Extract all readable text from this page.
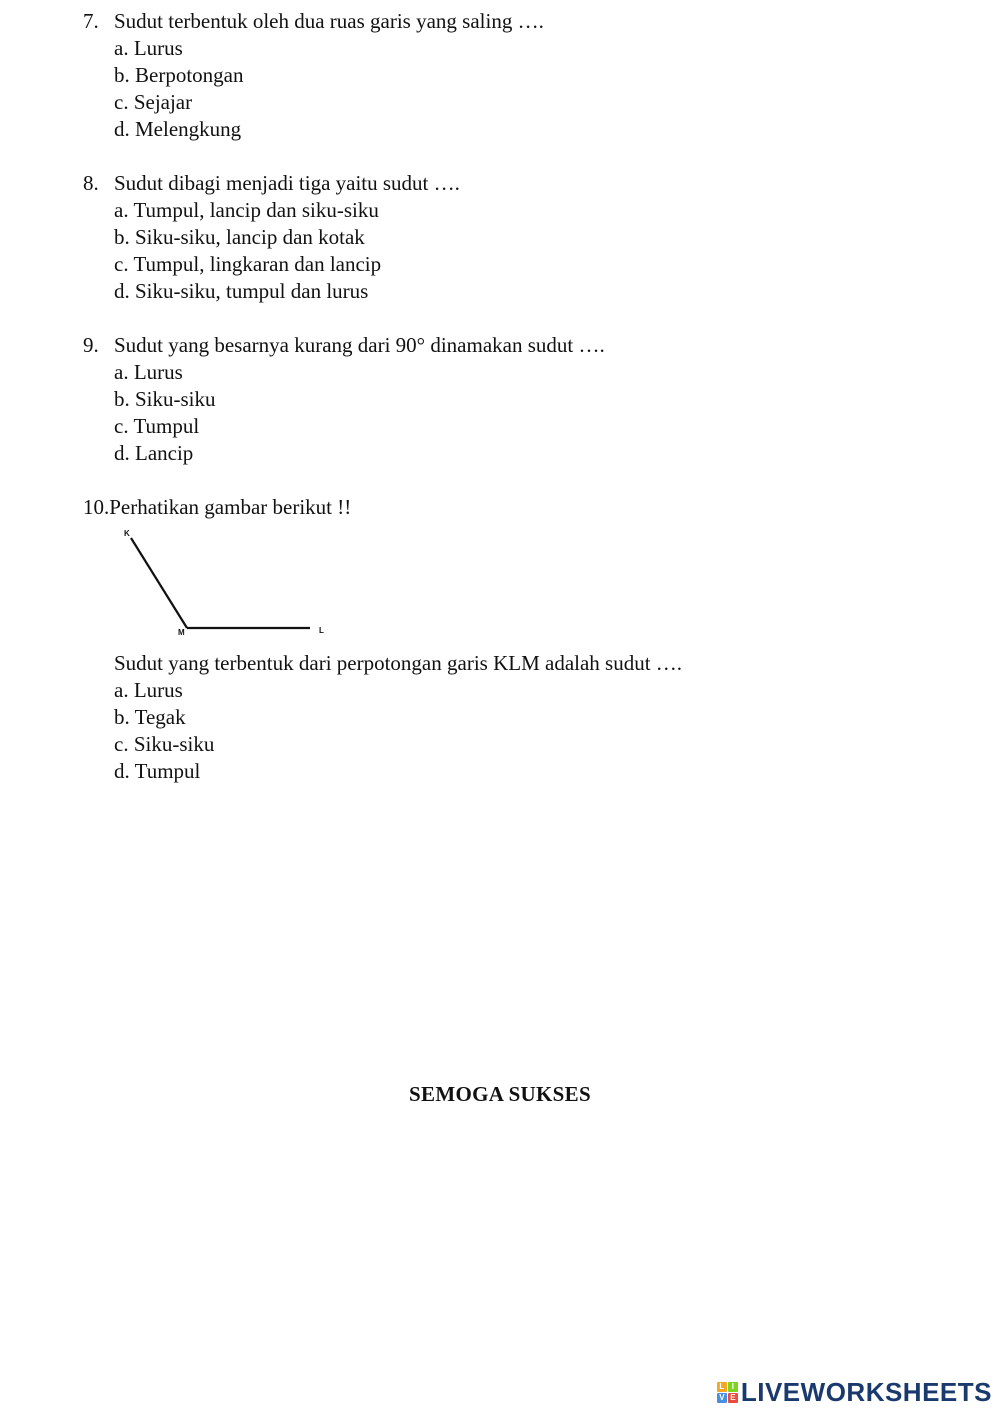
7. Sudut terbentuk oleh dua ruas garis yang saling ….
a. Lurus
b. Berpotongan
c. Sejajar
d. Melengkung
8. Sudut dibagi menjadi tiga yaitu sudut ….
a. Tumpul, lancip dan siku-siku
b. Siku-siku, lancip dan kotak
c. Tumpul, lingkaran dan lancip
d. Siku-siku, tumpul dan lurus
9. Sudut yang besarnya kurang dari 90° dinamakan sudut ….
a. Lurus
b. Siku-siku
c. Tumpul
d. Lancip
10.Perhatikan gambar berikut !!
K
M	L
Sudut yang terbentuk dari perpotongan garis KLM adalah sudut ….
a. Lurus
b. Tegak
c. Siku-siku
d. Tumpul
SEMOGA SUKSES
L I
V E LIVEWORKSHEETS
